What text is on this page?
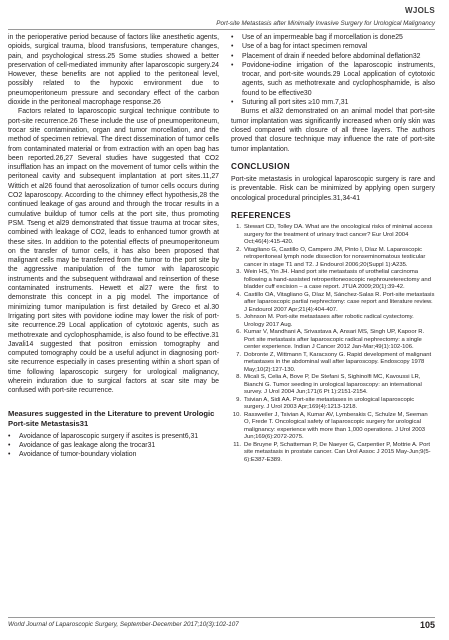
WJOLS
Port-site Metastasis after Minimally Invasive Surgery for Urological Malignancy

in the perioperative period because of factors like anesthetic agents, opioids, surgical trauma, blood transfusions, temperature changes, pain, and psychological stress.25 Some studies showed a better preservation of cell-mediated immunity after laparoscopic surgery.24 However, these benefits are not applied to the peritoneal level, possibly related to the hypoxic environment due to pneumoperitoneum pressure and secondary effect of the carbon dioxide in the peritoneal macrophage response.26

Factors related to laparoscopic surgical technique contribute to port-site recurrence.26 These include the use of pneumoperitoneum, trocar site contamination, organ and tumor morcellation, and the method of specimen retrieval. The direct dissemination of tumor cells from contaminated material or from extraction with an open bag has been reported.26,27 Several studies have suggested that CO2 insufflation has an impact on the movement of tumor cells within the peritoneal cavity and subsequent implantation at port sites.11,27 Wittich et al26 found that aerosolization of tumor cells occurs during CO2 laparoscopy. According to the chimney effect hypothesis,28 the continued leakage of gas around and through the trocar results in a cumulative buildup of tumor cells at the port site, thus promoting PSM. Tseng et al29 demonstrated that tissue trauma at trocar sites, combined with leakage of CO2, leads to enhanced tumor growth at these sites. In addition to the potential effects of pneumoperitoneum on the transfer of tumor cells, it has also been proposed that malignant cells may be transferred from the tumor to the port site by the aggressive manipulation of the tumor with laparoscopic instruments and the subsequent withdrawal and reinsertion of these contaminated instruments. Hewett et al27 were the first to demonstrate this concept in a pig model. The importance of minimizing tumor manipulation is first detailed by Greco et al.30 Irrigating port sites with povidone iodine may lower the risk of port-site recurrence.29 Local application of cytotoxic agents, such as methotrexate and cyclophosphamide, is also found to be effective.31 Javali14 suggested that positron emission tomography and computed tomography could be a useful adjunct in diagnosing port-site recurrence especially in cases presenting within a short span of time following laparoscopic surgery for urological malignancy, wherein induration due to surgical factors at scar site may be confused with port-site recurrence.

Measures suggested in the Literature to prevent Urologic Port-site Metastasis31
• Avoidance of laparoscopic surgery if ascites is present6,31
• Avoidance of gas leakage along the trocar31
• Avoidance of tumor-boundary violation
• Use of an impermeable bag if morcellation is done25
• Use of a bag for intact specimen removal
• Placement of drain if needed before abdominal deflation32
• Povidone-iodine irrigation of the laparoscopic instruments, trocar, and port-site wounds.29 Local application of cytotoxic agents, such as methotrexate and cyclophosphamide, is also found to be effective30
• Suturing all port sites ≥10 mm.7,31

Burns et al32 demonstrated on an animal model that port-site tumor implantation was significantly increased when only skin was closed compared with closure of all three layers. The authors proved that closure technique may influence the rate of port-site tumor implantation.

CONCLUSION

Port-site metastasis in urological laparoscopic surgery is rare and is preventable. Risk can be minimized by applying open surgery oncological procedural principles.31,34-41

REFERENCES
1. Stewart CD, Tolley DA. What are the oncological risks of minimal access surgery for the treatment of urinary tract cancer? Eur Urol 2004 Oct;46(4):415-420.
2. Vitagliano G, Castillo O, Campero JM, Pinto I, Díaz M. Laparoscopic retroperitoneal lymph node dissection for nonseminomatous testicular cancer in stage T1 and T2. J Endourol 2006;20(Suppl 1):A235.
3. Wein HS, Yin JH. Hand port site metastasis of urothelial carcinoma following a hand-assisted retroperitoneoscopic nephroureterectomy and bladder cuff excision – a case report. JTUA 2009;20(1):39-42.
4. Castillo OA, Vitagliano G, Díaz M, Sánchez-Salas R. Port-site metastasis after laparoscopic partial nephrectomy: case report and literature review. J Endourol 2007 Apr;21(4):404-407.
5. Johnson M. Port-site metastases after robotic radical cystectomy. Urology 2017 Aug.
6. Kumar V, Mandhani A, Srivastava A, Ansari MS, Singh UP, Kapoor R. Port site metastasis after laparoscopic radical nephrectomy: a single center experience. Indian J Cancer 2012 Jan-Mar;49(1):102-106.
7. Dobronte Z, Wittmann T, Karacsony G. Rapid development of malignant metastases in the abdominal wall after laparoscopy. Endoscopy 1978 May;10(2):127-130.
8. Micali S, Celia A, Bove P, De Stefani S, Sighinolfi MC, Kavoussi LR, Bianchi G. Tumor seeding in urological laparoscopy: an international survey. J Urol 2004 Jun;171(6 Pt 1):2151-2154.
9. Tsivian A, Sidi AA. Port-site metastases in urological laparoscopic surgery. J Urol 2003 Apr;169(4):1213-1218.
10. Rassweiler J, Tsivian A, Kumar AV, Lymberakis C, Schulze M, Seeman O, Frede T. Oncological safety of laparoscopic surgery for urological malignancy: experience with more than 1,000 operations. J Urol 2003 Jun;169(6):2072-2075.
11. De Bruyne P, Schatteman P, De Naeyer G, Carpentier P, Mottrie A. Port site metastasis in prostate cancer. Can Urol Assoc J 2015 May-Jun;9(5-6):E387-E389.
World Journal of Laparoscopic Surgery, September-December 2017;10(3):102-107	105
